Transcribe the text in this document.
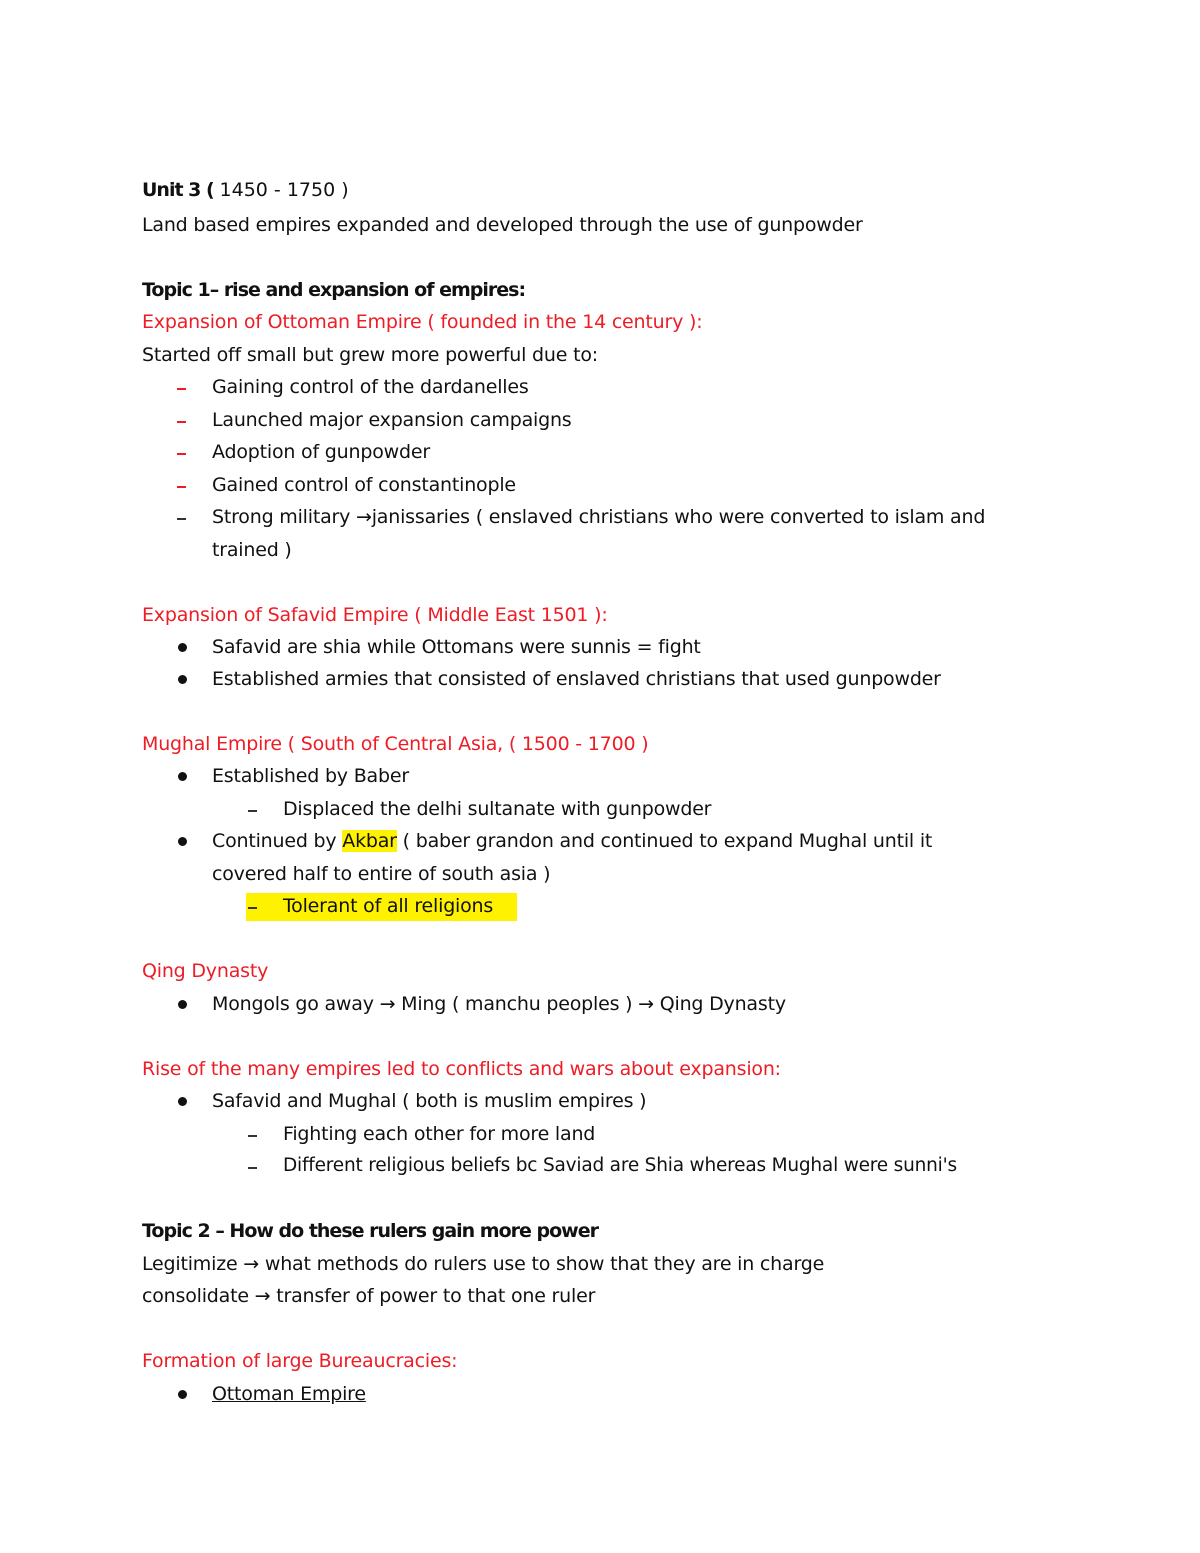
Unit 3 ( 1450 - 1750 )
Land based empires expanded and developed through the use of gunpowder
Topic 1– rise and expansion of empires:
Expansion of Ottoman Empire ( founded in the 14 century ):
Started off small but grew more powerful due to:
Gaining control of the dardanelles
Launched major expansion campaigns
Adoption of gunpowder
Gained control of constantinople
Strong military →janissaries ( enslaved christians who were converted to islam and
trained )
Expansion of Safavid Empire ( Middle East 1501 ):
Safavid are shia while Ottomans were sunnis = fight
Established armies that consisted of enslaved christians that used gunpowder
Mughal Empire ( South of Central Asia, ( 1500 - 1700 )
Established by Baber
Displaced the delhi sultanate with gunpowder
Continued by Akbar ( baber grandon and continued to expand Mughal until it
covered half to entire of south asia )
Tolerant of all religions
Qing Dynasty
Mongols go away → Ming ( manchu peoples ) → Qing Dynasty
Rise of the many empires led to conflicts and wars about expansion:
Safavid and Mughal ( both is muslim empires )
Fighting each other for more land
Different religious beliefs bc Saviad are Shia whereas Mughal were sunni's
Topic 2 – How do these rulers gain more power
Legitimize → what methods do rulers use to show that they are in charge
consolidate → transfer of power to that one ruler
Formation of large Bureaucracies:
Ottoman Empire
